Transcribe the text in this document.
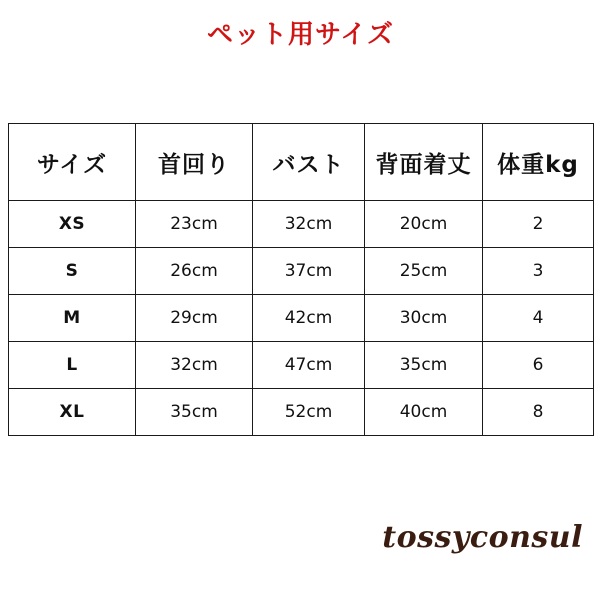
ペット用サイズ
サイズ	首回り	バスト	背面着丈	体重kg
XS	23cm	32cm	20cm	2
S	26cm	37cm	25cm	3
M	29cm	42cm	30cm	4
L	32cm	47cm	35cm	6
XL	35cm	52cm	40cm	8
tossyconsul
